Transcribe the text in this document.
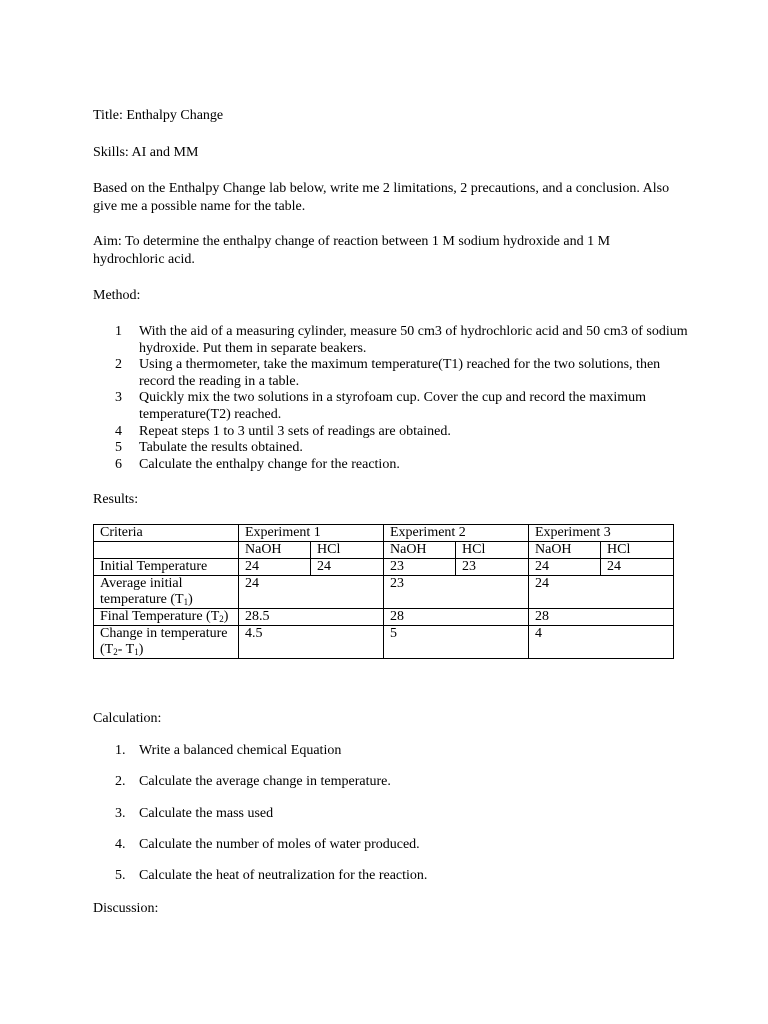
Title: Enthalpy Change

Skills: AI and MM

Based on the Enthalpy Change lab below, write me 2 limitations, 2 precautions, and a conclusion. Also give me a possible name for the table.

Aim: To determine the enthalpy change of reaction between 1 M sodium hydroxide and 1 M hydrochloric acid.

Method:

1	With the aid of a measuring cylinder, measure 50 cm3 of hydrochloric acid and 50 cm3 of sodium hydroxide. Put them in separate beakers.
2	Using a thermometer, take the maximum temperature(T1) reached for the two solutions, then record the reading in a table.
3	Quickly mix the two solutions in a styrofoam cup. Cover the cup and record the maximum temperature(T2) reached.
4	Repeat steps 1 to 3 until 3 sets of readings are obtained.
5	Tabulate the results obtained.
6	Calculate the enthalpy change for the reaction.

Results:

Criteria	Experiment 1		Experiment 2		Experiment 3	
	NaOH	HCl	NaOH	HCl	NaOH	HCl
Initial Temperature	24	24	23	23	24	24
Average initial temperature $(T_1)$	24		23		24	
Final Temperature $(T_2)$	28.5		28		28	
Change in temperature ($T_2-$ $T_1$)	4.5		5		4	

Calculation:

1. Write a balanced chemical Equation
2. Calculate the average change in temperature.
3. Calculate the mass used
4. Calculate the number of moles of water produced.
5. Calculate the heat of neutralization for the reaction.

Discussion:
